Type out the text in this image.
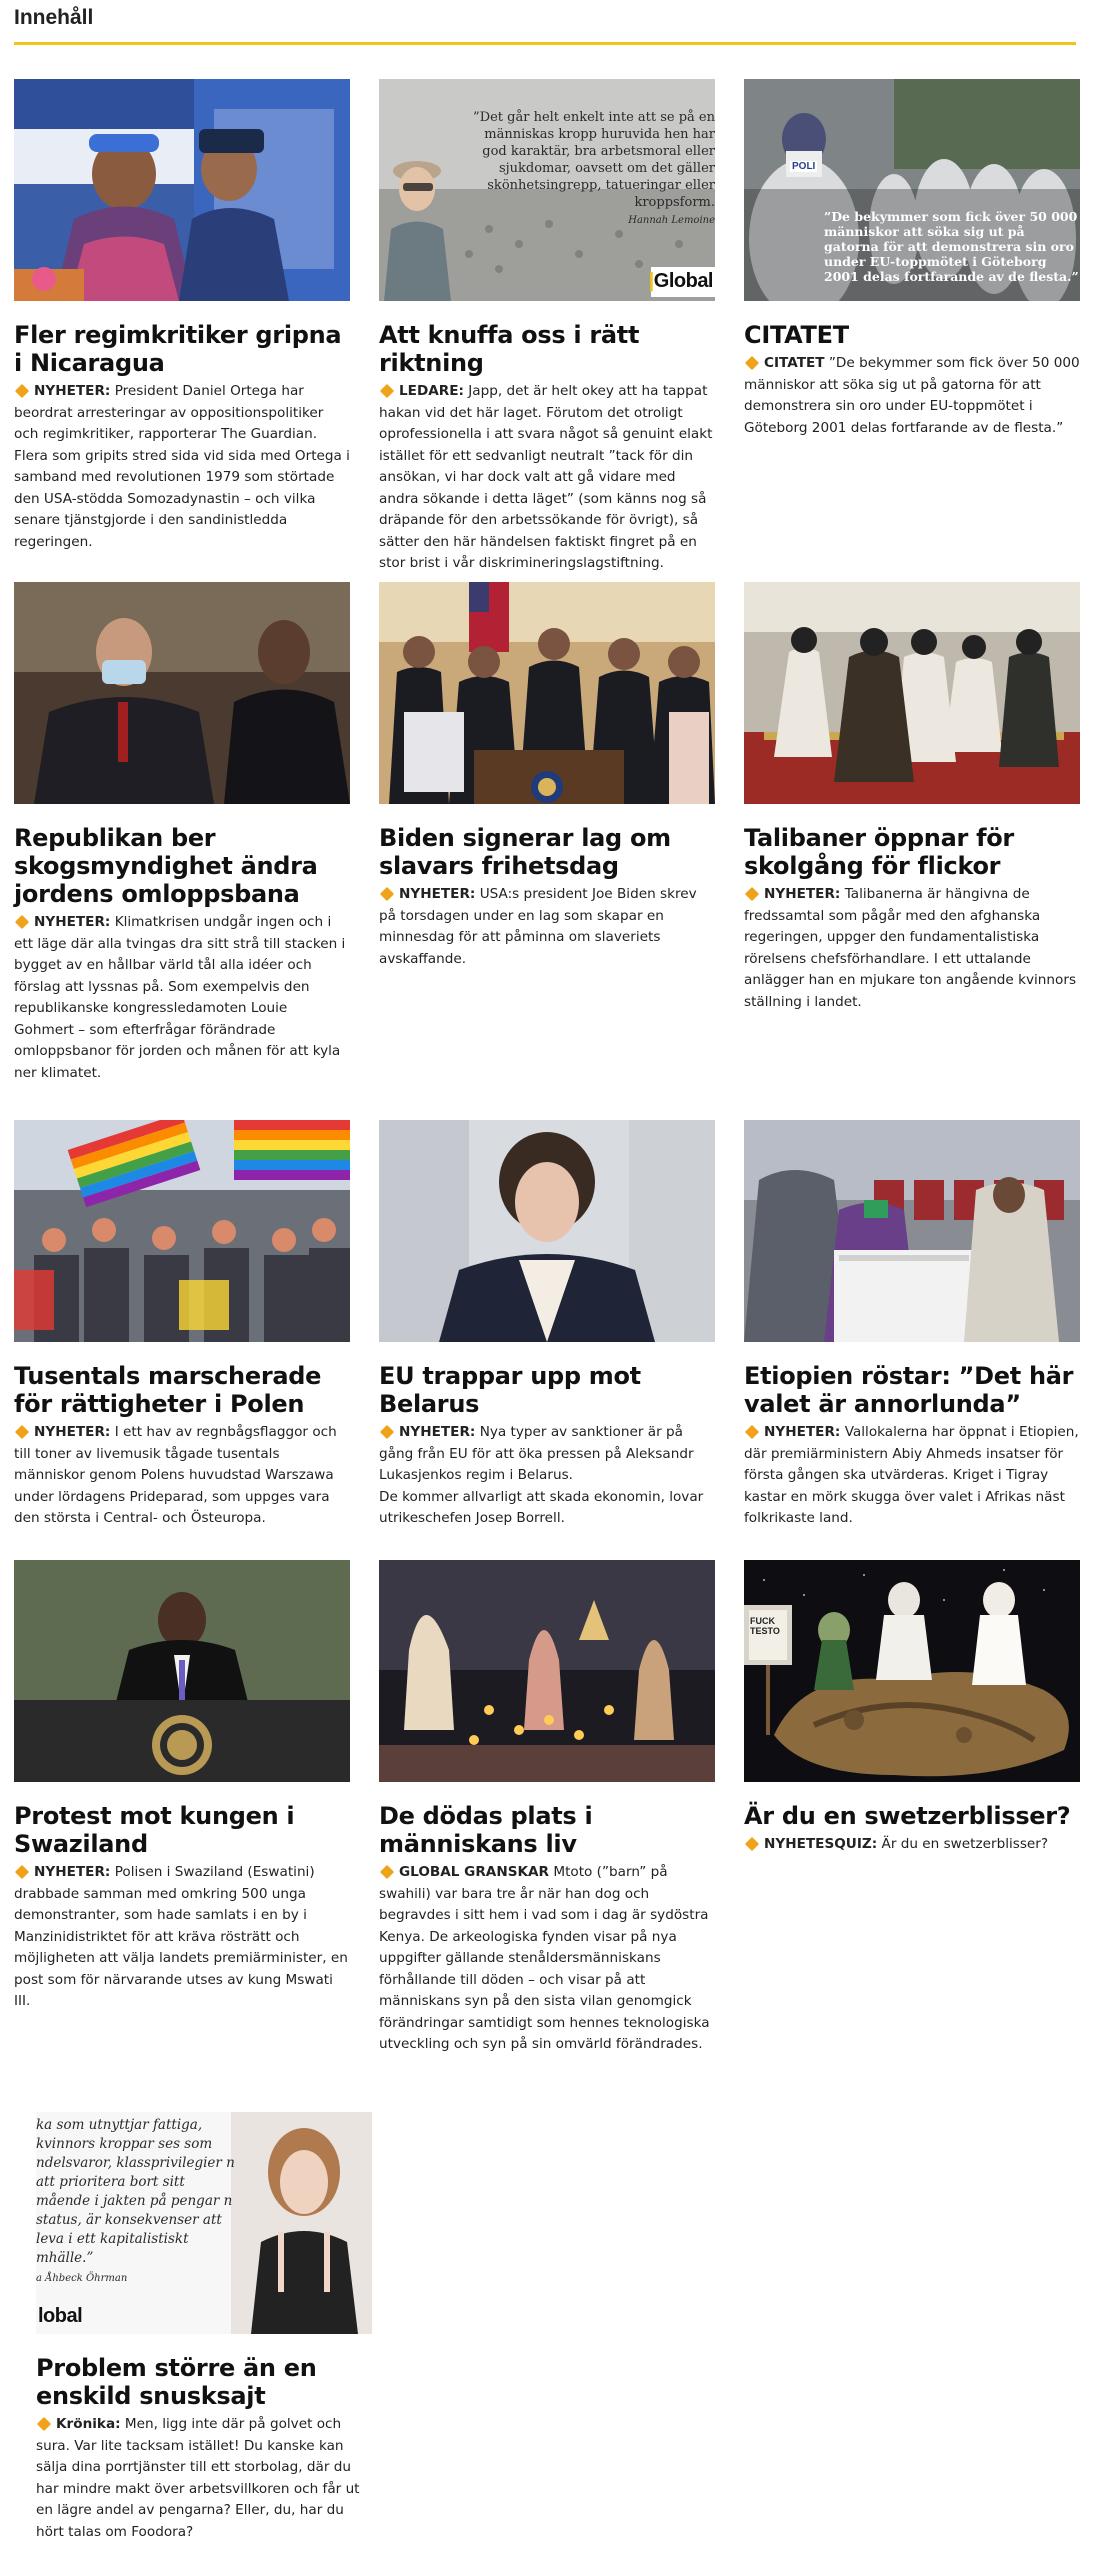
Innehåll
Fler regimkritiker gripna i Nicaragua

NYHETER: President Daniel Ortega har beordrat arresteringar av oppositionspolitiker och regimkritiker, rapporterar The Guardian. Flera som gripits stred sida vid sida med Ortega i samband med revolutionen 1979 som störtade den USA-stödda Somozadynastin – och vilka senare tjänstgjorde i den sandinistledda regeringen.

”Det går helt enkelt inte att se på en människas kropp huruvida hen har god karaktär, bra arbetsmoral eller sjukdomar, oavsett om det gäller skönhetsingrepp, tatueringar eller kroppsform.
Hannah Lemoine
|Global
Att knuffa oss i rätt riktning

LEDARE: Japp, det är helt okey att ha tappat hakan vid det här laget. Förutom det otroligt oprofessionella i att svara något så genuint elakt istället för ett sedvanligt neutralt ”tack för din ansökan, vi har dock valt att gå vidare med andra sökande i detta läget” (som känns nog så dräpande för den arbetssökande för övrigt), så sätter den här händelsen faktiskt fingret på en stor brist i vår diskrimineringslagstiftning.

POLI
”De bekymmer som fick över 50 000 människor att söka sig ut på gatorna för att demonstrera sin oro under EU-toppmötet i Göteborg 2001 delas fortfarande av de flesta.”
CITATET

CITATET ”De bekymmer som fick över 50 000 människor att söka sig ut på gatorna för att demonstrera sin oro under EU-toppmötet i Göteborg 2001 delas fortfarande av de flesta.”

Republikan ber skogsmyndighet ändra jordens omloppsbana

NYHETER: Klimatkrisen undgår ingen och i ett läge där alla tvingas dra sitt strå till stacken i bygget av en hållbar värld tål alla idéer och förslag att lyssnas på. Som exempelvis den republikanske kongressledamoten Louie Gohmert – som efterfrågar förändrade omloppsbanor för jorden och månen för att kyla ner klimatet.

Biden signerar lag om slavars frihetsdag

NYHETER: USA:s president Joe Biden skrev på torsdagen under en lag som skapar en minnesdag för att påminna om slaveriets avskaffande.

Talibaner öppnar för skolgång för flickor

NYHETER: Talibanerna är hängivna de fredssamtal som pågår med den afghanska regeringen, uppger den fundamentalistiska rörelsens chefsförhandlare. I ett uttalande anlägger han en mjukare ton angående kvinnors ställning i landet.

Tusentals marscherade för rättigheter i Polen

NYHETER: I ett hav av regnbågsflaggor och till toner av livemusik tågade tusentals människor genom Polens huvudstad Warszawa under lördagens Prideparad, som uppges vara den största i Central- och Östeuropa.

EU trappar upp mot Belarus

NYHETER: Nya typer av sanktioner är på gång från EU för att öka pressen på Aleksandr Lukasjenkos regim i Belarus.
De kommer allvarligt att skada ekonomin, lovar utrikeschefen Josep Borrell.

Etiopien röstar: ”Det här valet är annorlunda”

NYHETER: Vallokalerna har öppnat i Etiopien, där premiärministern Abiy Ahmeds insatser för första gången ska utvärderas. Kriget i Tigray kastar en mörk skugga över valet i Afrikas näst folkrikaste land.

Protest mot kungen i Swaziland

NYHETER: Polisen i Swaziland (Eswatini) drabbade samman med omkring 500 unga demonstranter, som hade samlats i en by i Manzinidistriktet för att kräva rösträtt och möjligheten att välja landets premiärminister, en post som för närvarande utses av kung Mswati III.

De dödas plats i människans liv

GLOBAL GRANSKAR Mtoto (”barn” på swahili) var bara tre år när han dog och begravdes i sitt hem i vad som i dag är sydöstra Kenya. De arkeologiska fynden visar på nya uppgifter gällande stenåldersmänniskans förhållande till döden – och visar på att människans syn på den sista vilan genomgick förändringar samtidigt som hennes teknologiska utveckling och syn på sin omvärld förändrades.

FUCK TESTO
Är du en swetzerblisser?

NYHETESQUIZ: Är du en swetzerblisser?

ka som utnyttjar fattiga, kvinnors kroppar ses som ndelsvaror, klassprivilegier n att prioritera bort sitt mående i jakten på pengar n status, är konsekvenser att leva i ett kapitalistiskt mhälle.”
a Åhbeck Öhrman
lobal
Problem större än en enskild snusksajt

Krönika: Men, ligg inte där på golvet och sura. Var lite tacksam istället! Du kanske kan sälja dina porrtjänster till ett storbolag, där du har mindre makt över arbetsvillkoren och får ut en lägre andel av pengarna? Eller, du, har du hört talas om Foodora?
